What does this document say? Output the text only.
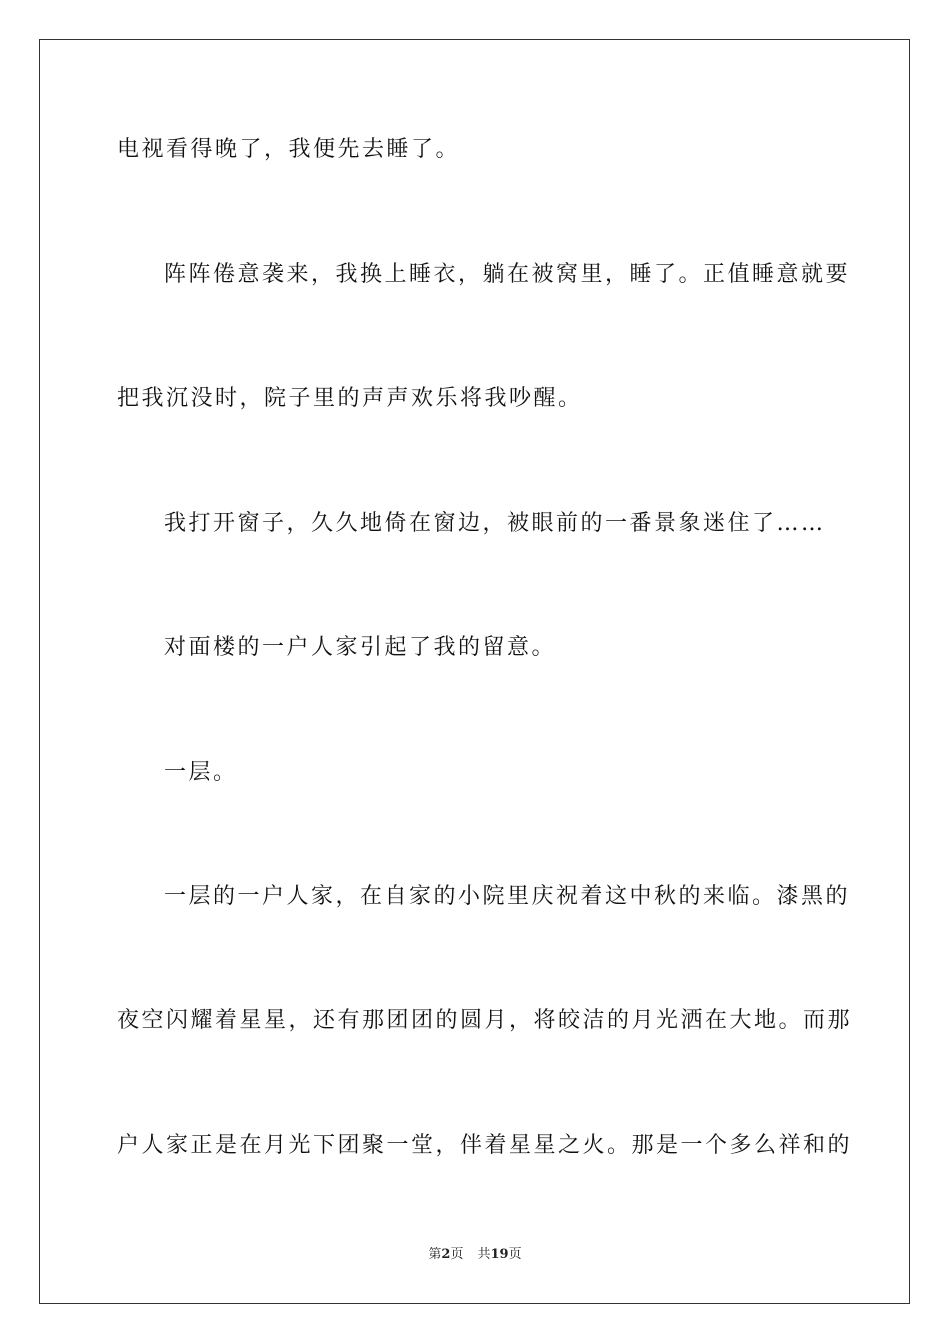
电视看得晚了，我便先去睡了。
阵阵倦意袭来，我换上睡衣，躺在被窝里，睡了。正值睡意就要
把我沉没时，院子里的声声欢乐将我吵醒。
我打开窗子，久久地倚在窗边，被眼前的一番景象迷住了……
对面楼的一户人家引起了我的留意。
一层。
一层的一户人家，在自家的小院里庆祝着这中秋的来临。漆黑的
夜空闪耀着星星，还有那团团的圆月，将皎洁的月光洒在大地。而那
户人家正是在月光下团聚一堂，伴着星星之火。那是一个多么祥和的
第2页 共19页
